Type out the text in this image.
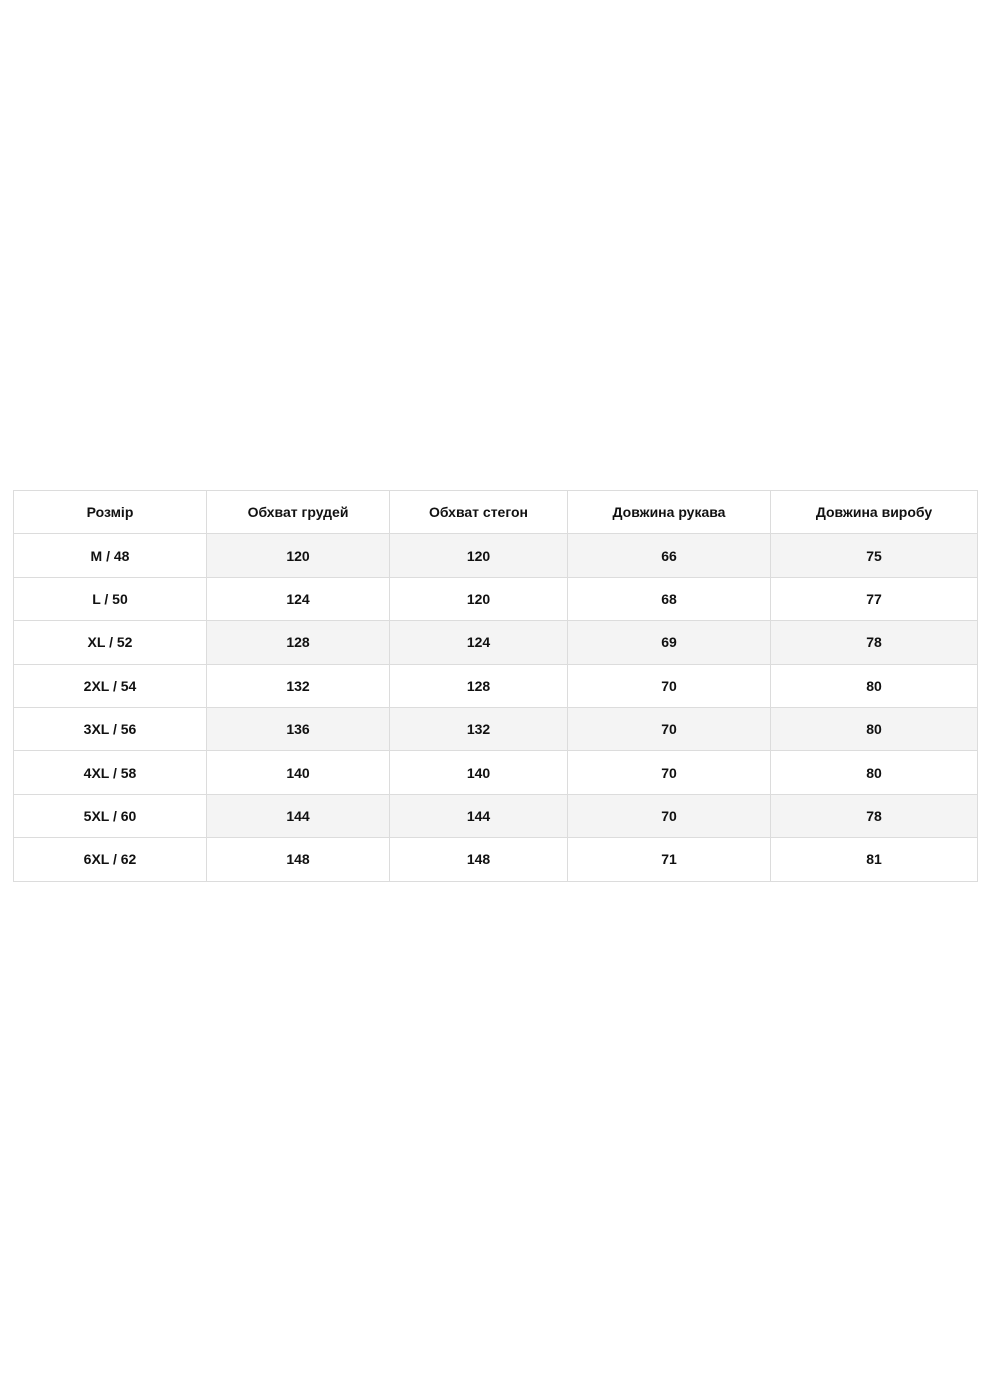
Розмір	Обхват грудей	Обхват стегон	Довжина рукава	Довжина виробу
M / 48	120	120	66	75
L / 50	124	120	68	77
XL / 52	128	124	69	78
2XL / 54	132	128	70	80
3XL / 56	136	132	70	80
4XL / 58	140	140	70	80
5XL / 60	144	144	70	78
6XL / 62	148	148	71	81
